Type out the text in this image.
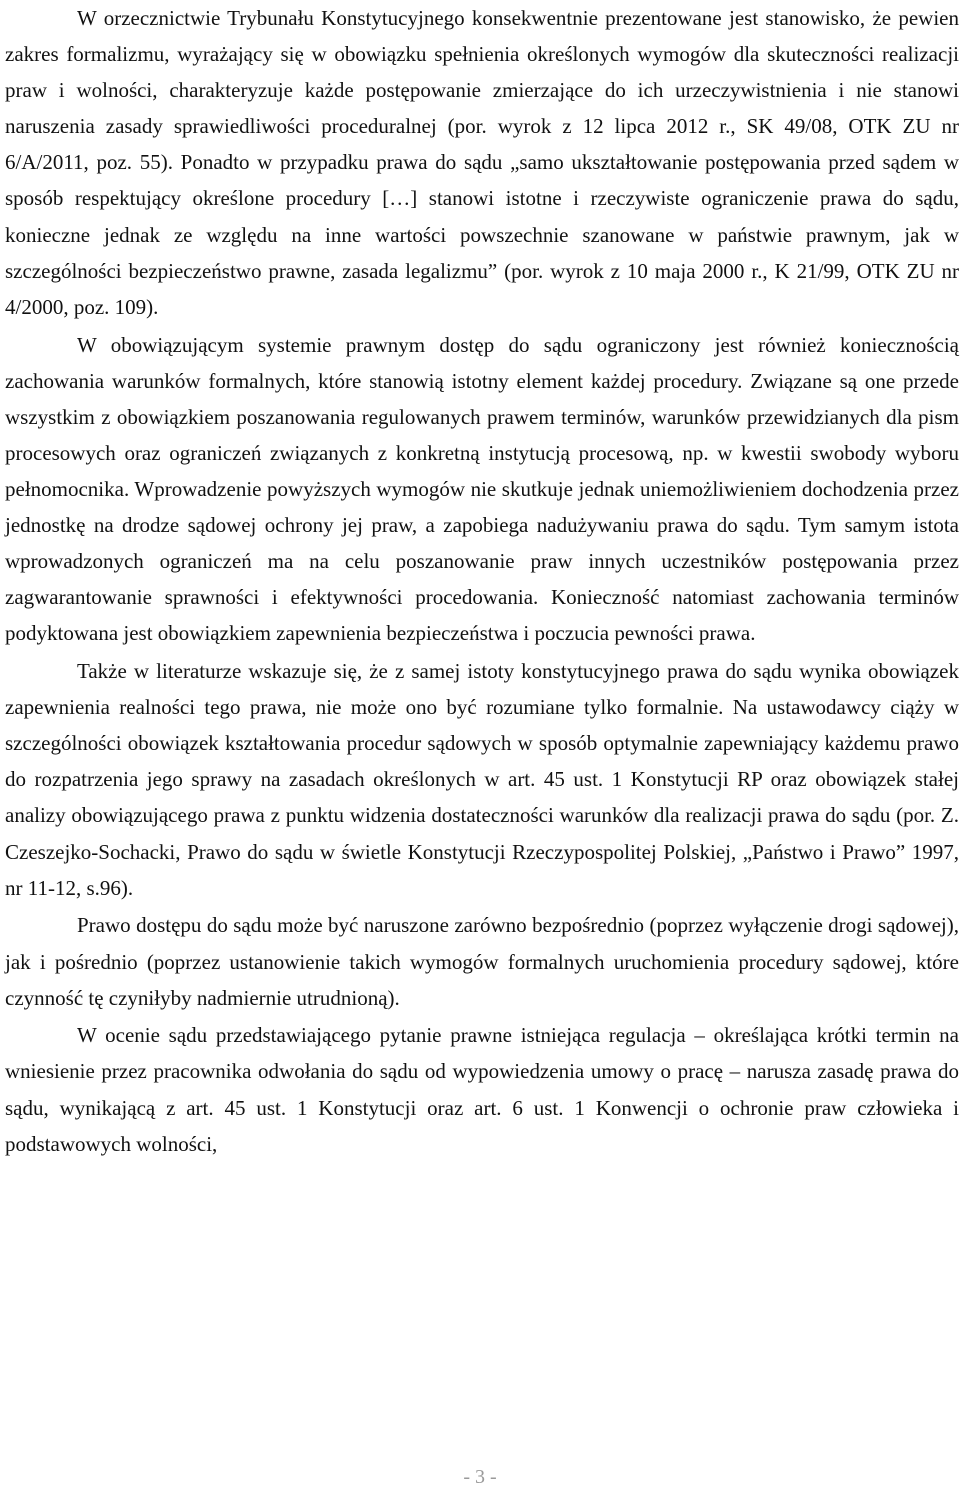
W orzecznictwie Trybunału Konstytucyjnego konsekwentnie prezentowane jest stanowisko, że pewien zakres formalizmu, wyrażający się w obowiązku spełnienia określonych wymogów dla skuteczności realizacji praw i wolności, charakteryzuje każde postępowanie zmierzające do ich urzeczywistnienia i nie stanowi naruszenia zasady sprawiedliwości proceduralnej (por. wyrok z 12 lipca 2012 r., SK 49/08, OTK ZU nr 6/A/2011, poz. 55). Ponadto w przypadku prawa do sądu „samo ukształtowanie postępowania przed sądem w sposób respektujący określone procedury […] stanowi istotne i rzeczywiste ograniczenie prawa do sądu, konieczne jednak ze względu na inne wartości powszechnie szanowane w państwie prawnym, jak w szczególności bezpieczeństwo prawne, zasada legalizmu” (por. wyrok z 10 maja 2000 r., K 21/99, OTK ZU nr 4/2000, poz. 109).

W obowiązującym systemie prawnym dostęp do sądu ograniczony jest również koniecznością zachowania warunków formalnych, które stanowią istotny element każdej procedury. Związane są one przede wszystkim z obowiązkiem poszanowania regulowanych prawem terminów, warunków przewidzianych dla pism procesowych oraz ograniczeń związanych z konkretną instytucją procesową, np. w kwestii swobody wyboru pełnomocnika. Wprowadzenie powyższych wymogów nie skutkuje jednak uniemożliwieniem dochodzenia przez jednostkę na drodze sądowej ochrony jej praw, a zapobiega nadużywaniu prawa do sądu. Tym samym istota wprowadzonych ograniczeń ma na celu poszanowanie praw innych uczestników postępowania przez zagwarantowanie sprawności i efektywności procedowania. Konieczność natomiast zachowania terminów podyktowana jest obowiązkiem zapewnienia bezpieczeństwa i poczucia pewności prawa.

Także w literaturze wskazuje się, że z samej istoty konstytucyjnego prawa do sądu wynika obowiązek zapewnienia realności tego prawa, nie może ono być rozumiane tylko formalnie. Na ustawodawcy ciąży w szczególności obowiązek kształtowania procedur sądowych w sposób optymalnie zapewniający każdemu prawo do rozpatrzenia jego sprawy na zasadach określonych w art. 45 ust. 1 Konstytucji RP oraz obowiązek stałej analizy obowiązującego prawa z punktu widzenia dostateczności warunków dla realizacji prawa do sądu (por. Z. Czeszejko-Sochacki, Prawo do sądu w świetle Konstytucji Rzeczypospolitej Polskiej, „Państwo i Prawo” 1997, nr 11-12, s.96).

Prawo dostępu do sądu może być naruszone zarówno bezpośrednio (poprzez wyłączenie drogi sądowej), jak i pośrednio (poprzez ustanowienie takich wymogów formalnych uruchomienia procedury sądowej, które czynność tę czyniłyby nadmiernie utrudnioną).

W ocenie sądu przedstawiającego pytanie prawne istniejąca regulacja – określająca krótki termin na wniesienie przez pracownika odwołania do sądu od wypowiedzenia umowy o pracę – narusza zasadę prawa do sądu, wynikającą z art. 45 ust. 1 Konstytucji oraz art. 6 ust. 1 Konwencji o ochronie praw człowieka i podstawowych wolności,

- 3 -
